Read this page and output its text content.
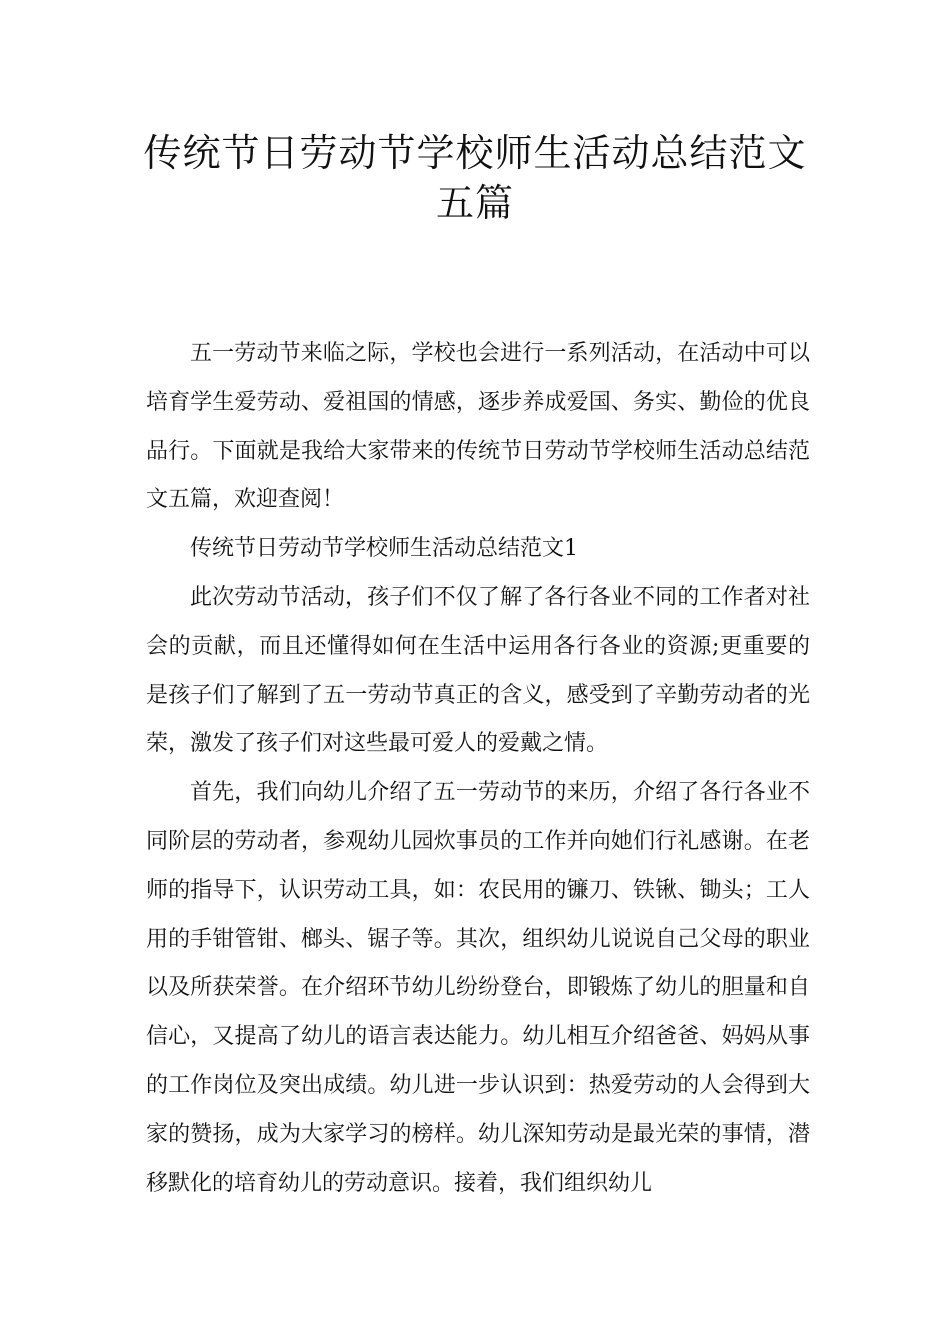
传统节日劳动节学校师生活动总结范文
五篇

五一劳动节来临之际，学校也会进行一系列活动，在活动中可以培育学生爱劳动、爱祖国的情感，逐步养成爱国、务实、勤俭的优良品行。下面就是我给大家带来的传统节日劳动节学校师生活动总结范文五篇，欢迎查阅！

传统节日劳动节学校师生活动总结范文1

此次劳动节活动，孩子们不仅了解了各行各业不同的工作者对社会的贡献，而且还懂得如何在生活中运用各行各业的资源;更重要的是孩子们了解到了五一劳动节真正的含义，感受到了辛勤劳动者的光荣，激发了孩子们对这些最可爱人的爱戴之情。

首先，我们向幼儿介绍了五一劳动节的来历，介绍了各行各业不同阶层的劳动者，参观幼儿园炊事员的工作并向她们行礼感谢。在老师的指导下，认识劳动工具，如：农民用的镰刀、铁锹、锄头；工人用的手钳管钳、榔头、锯子等。其次，组织幼儿说说自己父母的职业以及所获荣誉。在介绍环节幼儿纷纷登台，即锻炼了幼儿的胆量和自信心，又提高了幼儿的语言表达能力。幼儿相互介绍爸爸、妈妈从事的工作岗位及突出成绩。幼儿进一步认识到：热爱劳动的人会得到大家的赞扬，成为大家学习的榜样。幼儿深知劳动是最光荣的事情，潜移默化的培育幼儿的劳动意识。接着，我们组织幼儿
